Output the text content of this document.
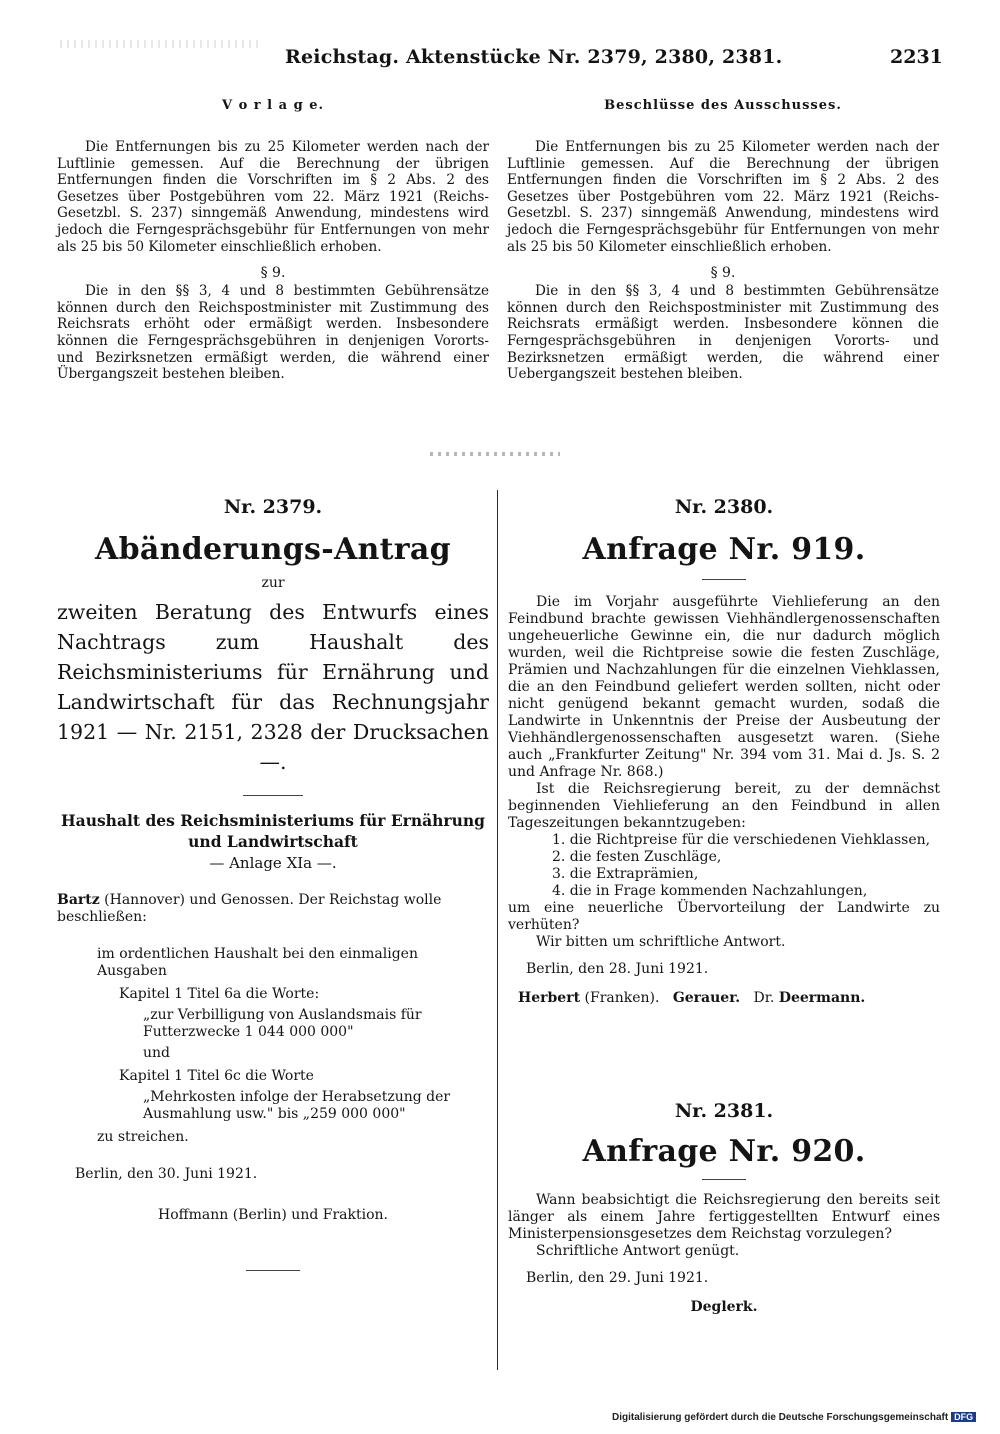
Reichstag. Aktenstücke Nr. 2379, 2380, 2381.	2231
V o r l a g e.

Die Entfernungen bis zu 25 Kilometer werden nach der Luftlinie gemessen. Auf die Berechnung der übrigen Entfernungen finden die Vorschriften im § 2 Abs. 2 des Gesetzes über Postgebühren vom 22. März 1921 (Reichs-Gesetzbl. S. 237) sinngemäß Anwendung, mindestens wird jedoch die Ferngesprächsgebühr für Entfernungen von mehr als 25 bis 50 Kilometer einschließlich erhoben.

§ 9.

Die in den §§ 3, 4 und 8 bestimmten Gebührensätze können durch den Reichspostminister mit Zustimmung des Reichsrats erhöht oder ermäßigt werden. Insbesondere können die Ferngesprächsgebühren in denjenigen Vororts- und Bezirksnetzen ermäßigt werden, die während einer Übergangszeit bestehen bleiben.

Beschlüsse des Ausschusses.

Die Entfernungen bis zu 25 Kilometer werden nach der Luftlinie gemessen. Auf die Berechnung der übrigen Entfernungen finden die Vorschriften im § 2 Abs. 2 des Gesetzes über Postgebühren vom 22. März 1921 (Reichs-Gesetzbl. S. 237) sinngemäß Anwendung, mindestens wird jedoch die Ferngesprächsgebühr für Entfernungen von mehr als 25 bis 50 Kilometer einschließlich erhoben.

§ 9.

Die in den §§ 3, 4 und 8 bestimmten Gebührensätze können durch den Reichspostminister mit Zustimmung des Reichsrats ermäßigt werden. Insbesondere können die Ferngesprächsgebühren in denjenigen Vororts- und Bezirksnetzen ermäßigt werden, die während einer Uebergangszeit bestehen bleiben.

Nr. 2379.
Abänderungs-Antrag
zur
zweiten Beratung des Entwurfs eines Nachtrags zum Haushalt des Reichsministeriums für Ernährung und Landwirtschaft für das Rechnungsjahr 1921 — Nr. 2151, 2328 der Drucksachen —.
Haushalt des Reichsministeriums für Ernährung und Landwirtschaft
— Anlage XIa —.

Bartz (Hannover) und Genossen. Der Reichstag wolle beschließen:

im ordentlichen Haushalt bei den einmaligen Ausgaben

Kapitel 1 Titel 6a die Worte:

„zur Verbilligung von Auslandsmais für Futterzwecke 1 044 000 000"

und

Kapitel 1 Titel 6c die Worte

„Mehrkosten infolge der Herabsetzung der Ausmahlung usw." bis „259 000 000"

zu streichen.

Berlin, den 30. Juni 1921.

Hoffmann (Berlin) und Fraktion.

Nr. 2380.
Anfrage Nr. 919.

Die im Vorjahr ausgeführte Viehlieferung an den Feindbund brachte gewissen Viehhändlergenossenschaften ungeheuerliche Gewinne ein, die nur dadurch möglich wurden, weil die Richtpreise sowie die festen Zuschläge, Prämien und Nachzahlungen für die einzelnen Viehklassen, die an den Feindbund geliefert werden sollten, nicht oder nicht genügend bekannt gemacht wurden, sodaß die Landwirte in Unkenntnis der Preise der Ausbeutung der Viehhändlergenossenschaften ausgesetzt waren. (Siehe auch „Frankfurter Zeitung" Nr. 394 vom 31. Mai d. Js. S. 2 und Anfrage Nr. 868.)

Ist die Reichsregierung bereit, zu der demnächst beginnenden Viehlieferung an den Feindbund in allen Tageszeitungen bekanntzugeben:

1. die Richtpreise für die verschiedenen Viehklassen,

2. die festen Zuschläge,

3. die Extraprämien,

4. die in Frage kommenden Nachzahlungen,

um eine neuerliche Übervorteilung der Landwirte zu verhüten?

Wir bitten um schriftliche Antwort.

Berlin, den 28. Juni 1921.

Herbert (Franken). Gerauer. Dr. Deermann.

Nr. 2381.
Anfrage Nr. 920.

Wann beabsichtigt die Reichsregierung den bereits seit länger als einem Jahre fertiggestellten Entwurf eines Ministerpensionsgesetzes dem Reichstag vorzulegen?

Schriftliche Antwort genügt.

Berlin, den 29. Juni 1921.

Deglerk.

Digitalisierung gefördert durch die Deutsche Forschungsgemeinschaft DFG
